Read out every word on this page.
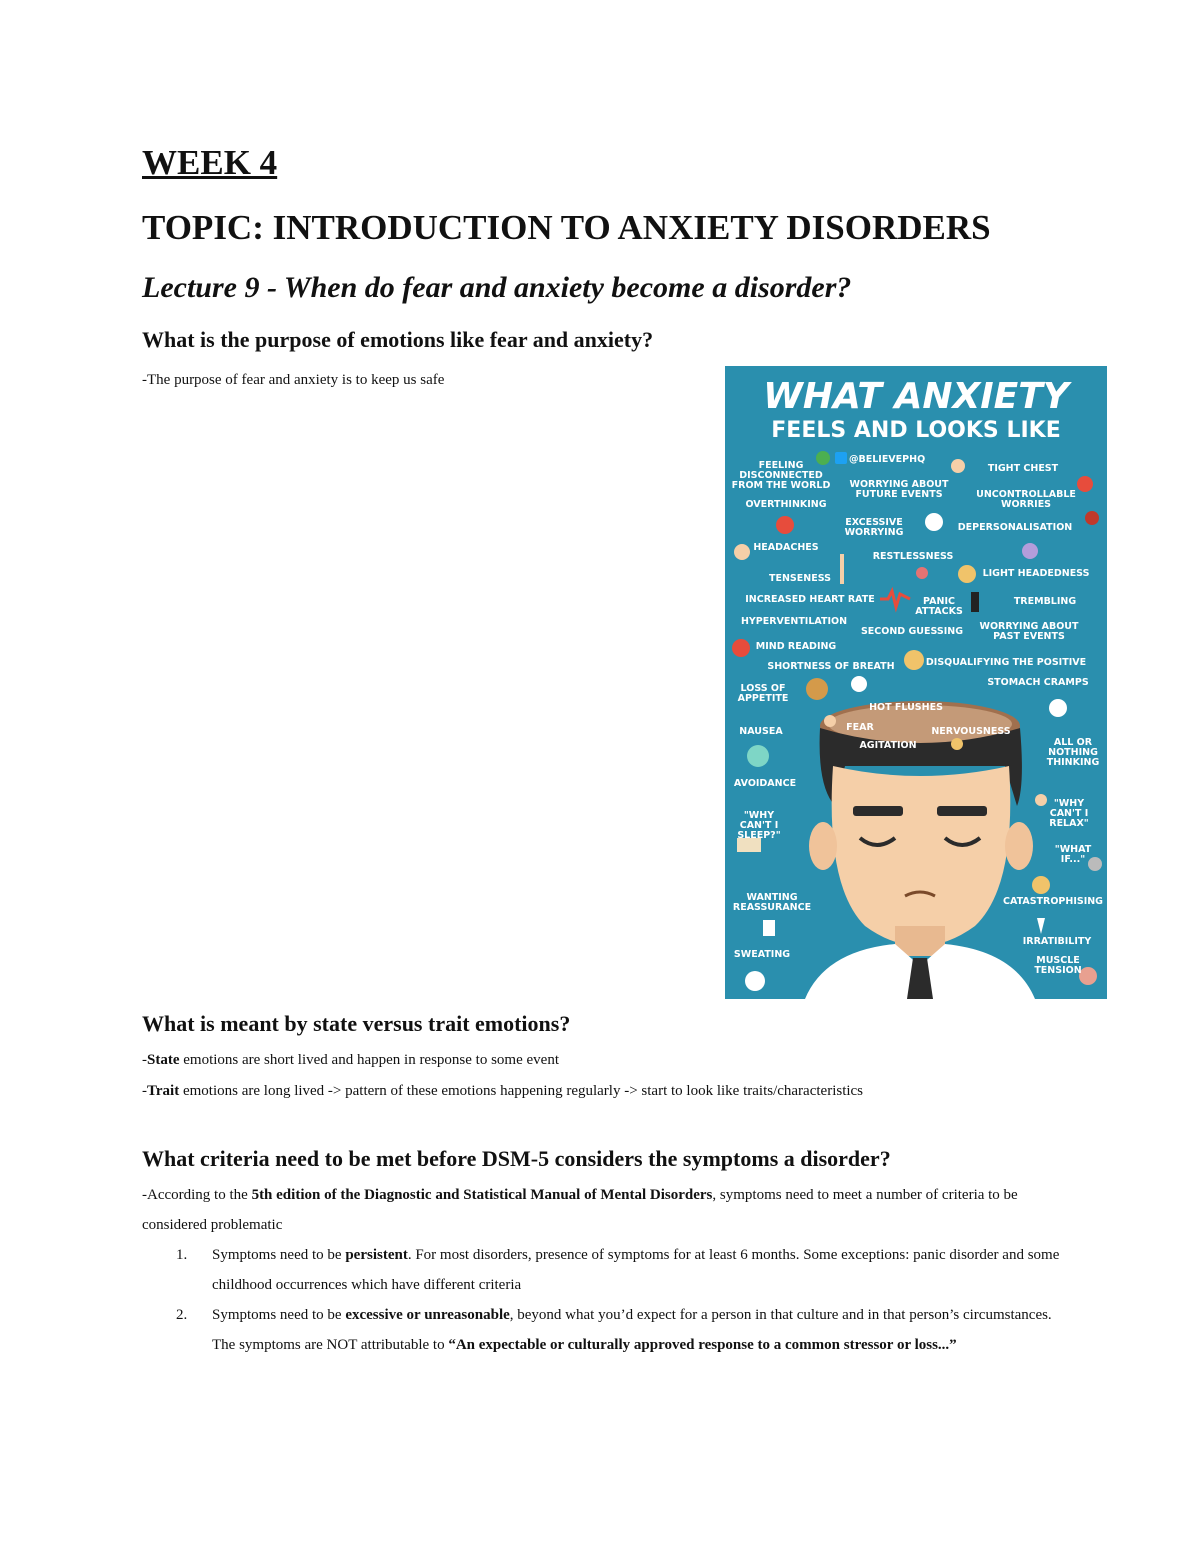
WEEK 4
TOPIC: INTRODUCTION TO ANXIETY DISORDERS
Lecture 9 - When do fear and anxiety become a disorder?
What is the purpose of emotions like fear and anxiety?

-The purpose of fear and anxiety is to keep us safe	WHAT ANXIETY
FEELS AND LOOKS LIKE
@BELIEVEPHQ
FEELING
DISCONNECTED
FROM THE WORLD	WORRYING ABOUT
FUTURE EVENTS
TIGHT CHEST
OVERTHINKING
UNCONTROLLABLE
WORRIES
EXCESSIVE
WORRYING	DEPERSONALISATION
HEADACHES
RESTLESSNESS
TENSENESS	LIGHT HEADEDNESS
INCREASED HEART RATE	PANIC
ATTACKS
TREMBLING
HYPERVENTILATION
SECOND GUESSING	WORRYING ABOUT
PAST EVENTS
MIND READING
SHORTNESS OF BREATH	DISQUALIFYING THE POSITIVE
LOSS OF
APPETITE
STOMACH CRAMPS
HOT FLUSHES
FEAR	NERVOUSNESS
AGITATION
NAUSEA
ALL OR
NOTHING
THINKING
AVOIDANCE
"WHY
CAN'T I
RELAX"
"WHY
CAN'T I
SLEEP?"
"WHAT
IF..."
WANTING
REASSURANCE
CATASTROPHISING
IRRATIBILITY
SWEATING
MUSCLE
TENSION
What is meant by state versus trait emotions?

-State emotions are short lived and happen in response to some event

-Trait emotions are long lived -> pattern of these emotions happening regularly -> start to look like traits/characteristics

What criteria need to be met before DSM-5 considers the symptoms a disorder?

-According to the 5th edition of the Diagnostic and Statistical Manual of Mental Disorders, symptoms need to meet a number of criteria to be considered problematic

1. Symptoms need to be persistent. For most disorders, presence of symptoms for at least 6 months. Some exceptions: panic disorder and some childhood occurrences which have different criteria
2. Symptoms need to be excessive or unreasonable, beyond what you’d expect for a person in that culture and in that person’s circumstances. The symptoms are NOT attributable to “An expectable or culturally approved response to a common stressor or loss...”
